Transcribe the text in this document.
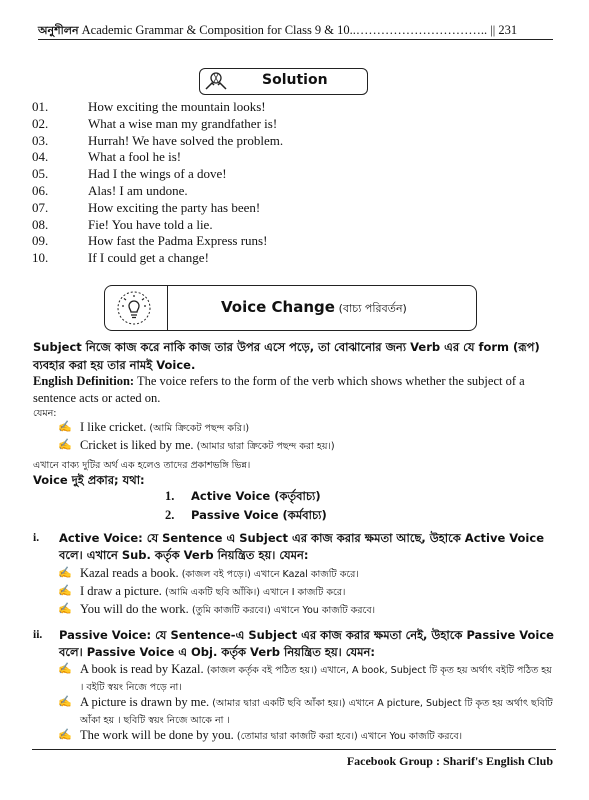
অনুশীলন Academic Grammar & Composition for Class 9 & 10..………………………….. || 231
Solution
01.	How exciting the mountain looks!
02.	What a wise man my grandfather is!
03.	Hurrah! We have solved the problem.
04.	What a fool he is!
05.	Had I the wings of a dove!
06.	Alas! I am undone.
07.	How exciting the party has been!
08.	Fie! You have told a lie.
09.	How fast the Padma Express runs!
10.	If I could get a change!
Voice Change (বাচ্য পরিবর্তন)
Subject নিজে কাজ করে নাকি কাজ তার উপর এসে পড়ে, তা বোঝানোর জন্য Verb এর যে form (রূপ) ব্যবহার করা হয় তার নামই Voice.
English Definition: The voice refers to the form of the verb which shows whether the subject of a sentence acts or acted on.
যেমন:
✍ I like cricket. (আমি ক্রিকেট পছন্দ করি।)
✍ Cricket is liked by me. (আমার দ্বারা ক্রিকেট পছন্দ করা হয়।)
এখানে বাক্য দুটির অর্থ এক হলেও তাদের প্রকাশভঙ্গি ভিন্ন।
Voice দুই প্রকার; যথা:
1.	Active Voice (কর্তৃবাচ্য)
2.	Passive Voice (কর্মবাচ্য)
i.	Active Voice: যে Sentence এ Subject এর কাজ করার ক্ষমতা আছে, উহাকে Active Voice বলে। এখানে Sub. কর্তৃক Verb নিয়ন্ত্রিত হয়। যেমন:
✍ Kazal reads a book. (কাজল বই পড়ে।) এখানে Kazal কাজটি করে।
✍ I draw a picture. (আমি একটি ছবি আঁকি।) এখানে I কাজটি করে।
✍ You will do the work. (তুমি কাজটি করবে।) এখানে You কাজটি করবে।
ii.	Passive Voice: যে Sentence-এ Subject এর কাজ করার ক্ষমতা নেই, উহাকে Passive Voice বলে। Passive Voice এ Obj. কর্তৃক Verb নিয়ন্ত্রিত হয়। যেমন:
✍ A book is read by Kazal. (কাজল কর্তৃক বই পঠিত হয়।) এখানে, A book, Subject টি কৃত হয় অর্থাৎ বইটি পঠিত হয় । বইটি স্বয়ং নিজে পড়ে না।
✍ A picture is drawn by me. (আমার দ্বারা একটি ছবি আঁকা হয়।) এখানে A picture, Subject টি কৃত হয় অর্থাৎ ছবিটি আঁকা হয় । ছবিটি স্বয়ং নিজে আকে না ।
✍ The work will be done by you. (তোমার দ্বারা কাজটি করা হবে।) এখানে You কাজটি করবে।
Facebook Group : Sharif's English Club
